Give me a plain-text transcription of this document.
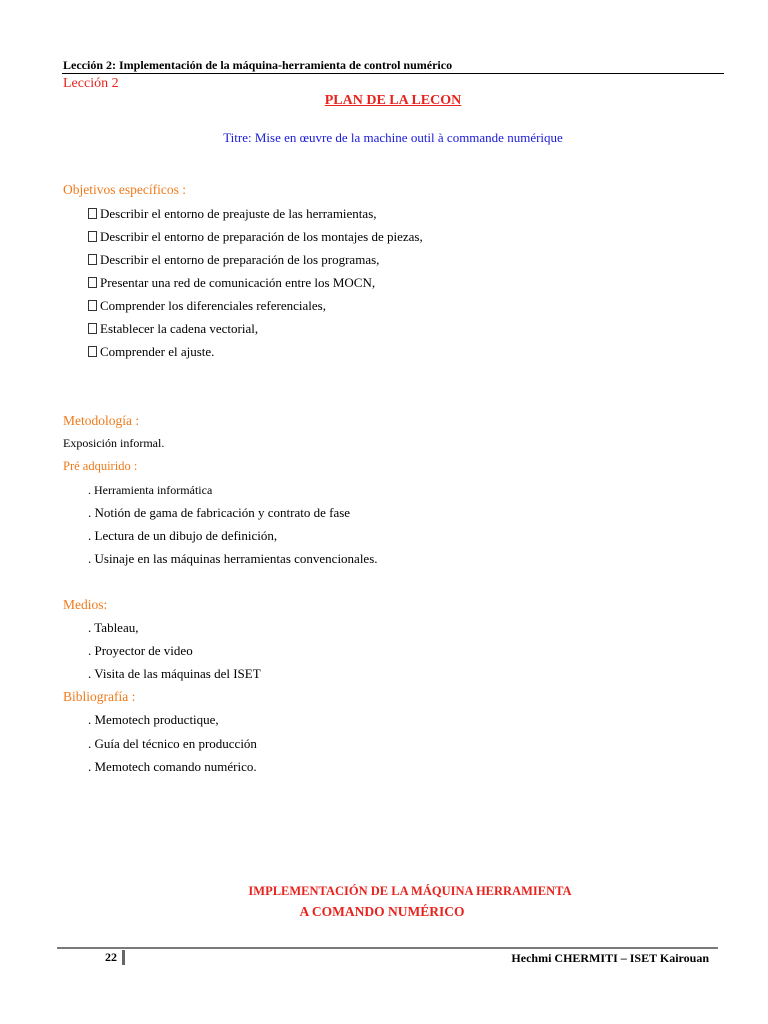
Lección 2: Implementación de la máquina-herramienta de control numérico
Lección 2
PLAN DE LA LECON
Titre: Mise en œuvre de la machine outil à commande numérique
Objetivos específicos :
Describir el entorno de preajuste de las herramientas,
Describir el entorno de preparación de los montajes de piezas,
Describir el entorno de preparación de los programas,
Presentar una red de comunicación entre los MOCN,
Comprender los diferenciales referenciales,
Establecer la cadena vectorial,
Comprender el ajuste.
Metodología :
Exposición informal.
Pré adquirido :
. Herramienta informática
. Notión de gama de fabricación y contrato de fase
. Lectura de un dibujo de definición,
. Usinaje en las máquinas herramientas convencionales.
Medios:
. Tableau,
. Proyector de video
. Visita de las máquinas del ISET
Bibliografía :
. Memotech productique,
. Guía del técnico en producción
. Memotech comando numérico.
IMPLEMENTACIÓN DE LA MÁQUINA HERRAMIENTA
A COMANDO NUMÉRICO
22	Hechmi CHERMITI – ISET Kairouan
